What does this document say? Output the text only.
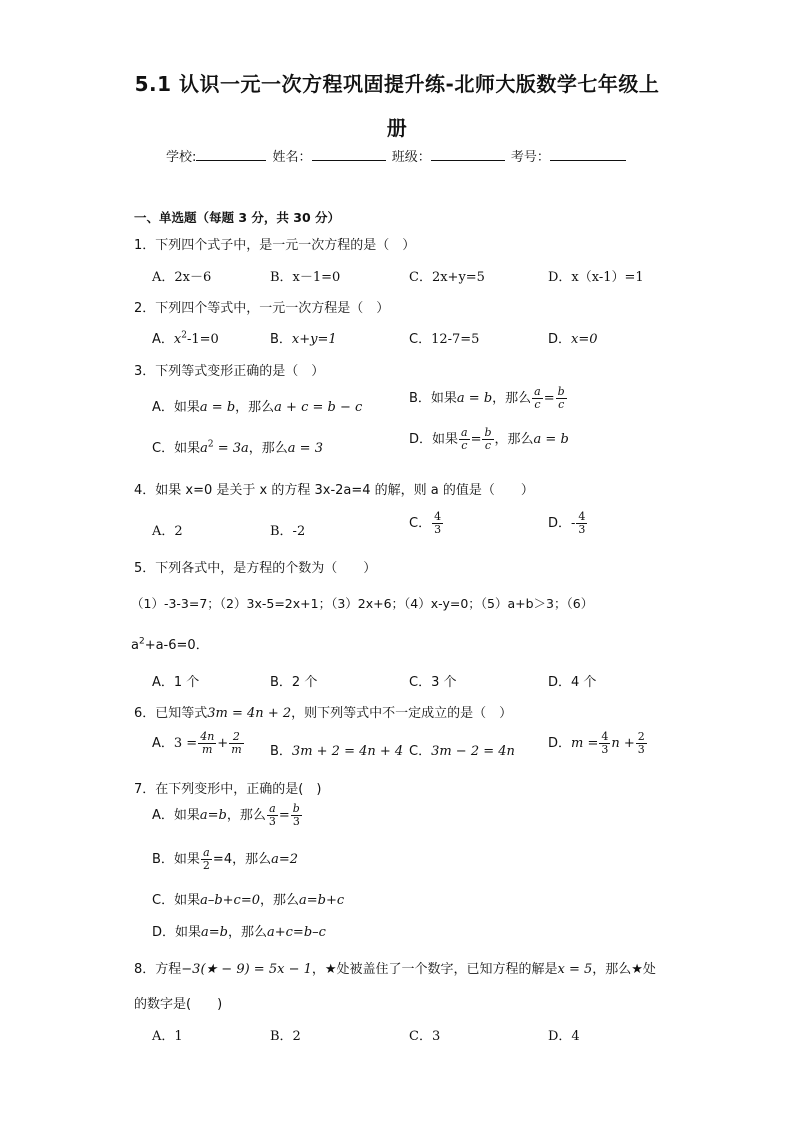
5.1 认识一元一次方程巩固提升练-北师大版数学七年级上
册
学校:	姓名：	班级：	考号：
一、单选题（每题 3 分，共 30 分）
1．下列四个式子中，是一元一次方程的是（　）
A．2x－6	B．x－1=0	C．2x+y=5	D．x（x-1）=1
2．下列四个等式中，一元一次方程是（　）
A．$x^2-1=0$	B．x+y=1	C．12-7=5	D．x=0
3．下列等式变形正确的是（　）
A．如果a = b，那么a + c = b − c
B．如果a = b，那么 $\frac{a}{c} = \frac{b}{c}$
C．如果$a^2 = 3a$，那么a = 3
D．如果 $\frac{a}{c} = \frac{b}{c}$ ，那么a = b
4．如果 x=0 是关于 x 的方程 3x-2a=4 的解，则 a 的值是（　　）
A．2	B．-2
C． $\frac{4}{3}$	D．- $\frac{4}{3}$
5．下列各式中，是方程的个数为（　　）
（1）-3-3=7；（2）3x-5=2x+1；（3）2x+6；（4）x-y=0；（5）a+b＞3；（6）
$a^2+a-6=0$．
A．1 个	B．2 个	C．3 个	D．4 个
6．已知等式3m = 4n + 2，则下列等式中不一定成立的是（　）
A．$3 = \frac{4n}{m} + \frac{2}{m}$ B．3m + 2 = 4n + 4 C．3m − 2 = 4n
D．$m = \frac{4}{3}$ $n + \frac{2}{3}$
7．在下列变形中，正确的是(　)
A．如果a=b，那么 $\frac{a}{3} = \frac{b}{3}$
B．如果 $\frac{a}{2} =4$，那么a=2
C．如果a–b+c=0，那么a=b+c
D．如果a=b，那么a+c=b–c
8．方程−3(★ − 9) = 5x − 1，★处被盖住了一个数字，已知方程的解是x = 5，那么★处
的数字是(　　)
A．1	B．2	C．3	D．4
